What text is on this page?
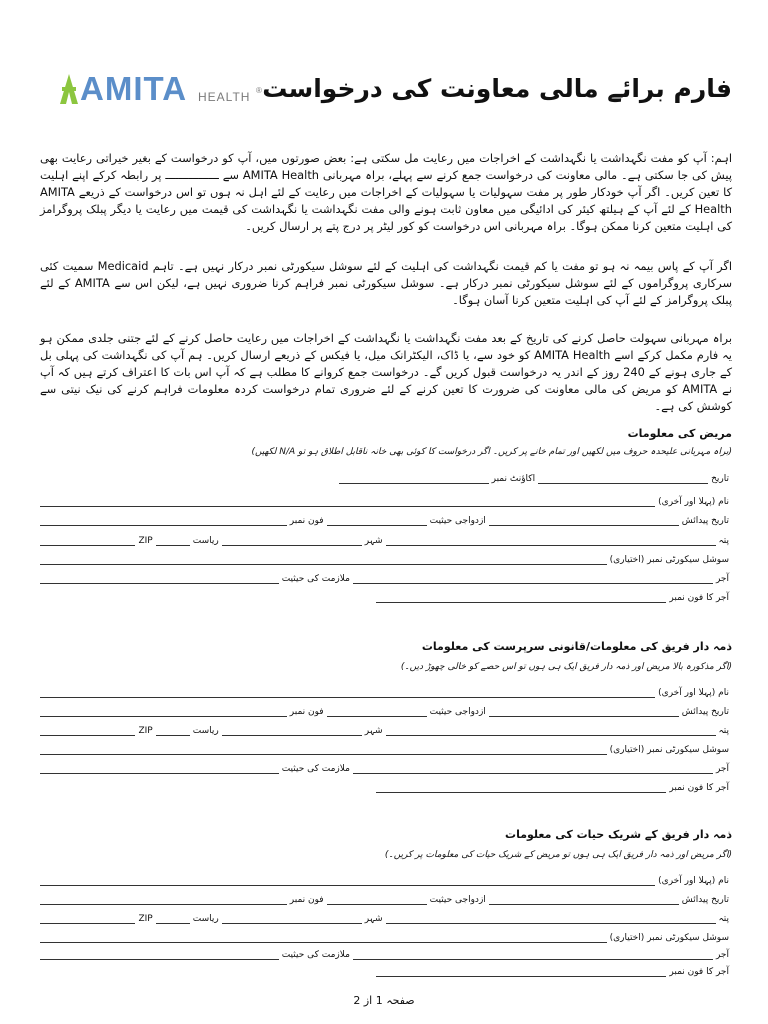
AMITA HEALTH ® فارم برائے مالی معاونت کی درخواست
اہم: آپ کو مفت نگہداشت یا نگہداشت کے اخراجات میں رعایت مل سکتی ہے: بعض صورتوں میں، آپ کو درخواست کے بغیر خیراتی رعایت بھی پیش کی جا سکتی ہے۔ مالی معاونت کی درخواست جمع کرنے سے پہلے، براہ مہربانی AMITA Health سے ــــــــــــــــ پر رابطہ کرکے اپنے اہلیت کا تعین کریں۔ اگر آپ خودکار طور پر مفت سہولیات یا سہولیات کے اخراجات میں رعایت کے لئے اہل نہ ہوں تو اس درخواست کے ذریعے AMITA Health کے لئے آپ کے ہیلتھ کیئر کی ادائیگی میں معاون ثابت ہونے والی مفت نگہداشت یا نگہداشت کی قیمت میں رعایت یا دیگر پبلک پروگرامز کی اہلیت متعین کرنا ممکن ہوگا۔ براہ مہربانی اس درخواست کو کور لیٹر پر درج پتے پر ارسال کریں۔
اگر آپ کے پاس بیمہ نہ ہو تو مفت یا کم قیمت نگہداشت کی اہلیت کے لئے سوشل سیکورٹی نمبر درکار نہیں ہے۔ تاہم Medicaid سمیت کئی سرکاری پروگراموں کے لئے سوشل سیکورٹی نمبر درکار ہے۔ سوشل سیکورٹی نمبر فراہم کرنا ضروری نہیں ہے، لیکن اس سے AMITA کے لئے پبلک پروگرامز کے لئے آپ کی اہلیت متعین کرنا آسان ہوگا۔
براہ مہربانی سہولت حاصل کرنے کی تاریخ کے بعد مفت نگہداشت یا نگہداشت کے اخراجات میں رعایت حاصل کرنے کے لئے جتنی جلدی ممکن ہو یہ فارم مکمل کرکے اسے AMITA Health کو خود سے، یا ڈاک، الیکٹرانک میل، یا فیکس کے ذریعے ارسال کریں۔ ہم آپ کی نگہداشت کی پہلی بل کے جاری ہونے کے 240 روز کے اندر یہ درخواست قبول کریں گے۔ درخواست جمع کروانے کا مطلب ہے کہ آپ اس بات کا اعتراف کرتے ہیں کہ آپ نے AMITA کو مریض کی مالی معاونت کی ضرورت کا تعین کرنے کے لئے ضروری تمام درخواست کردہ معلومات فراہم کرنے کی نیک نیتی سے کوشش کی ہے۔
مریض کی معلومات
(براہ مہربانی علیحدہ حروف میں لکھیں اور تمام خانے پر کریں۔ اگر درخواست کا کوئی بھی خانہ ناقابل اطلاق ہو تو N/A لکھیں)
تاریخ
اکاؤنٹ نمبر
نام (پہلا اور آخری)
تاریخ پیدائش
ازدواجی حیثیت
فون نمبر
پتہ
شہر
ریاست
ZIP
سوشل سیکورٹی نمبر (اختیاری)
آجر
ملازمت کی حیثیت
آجر کا فون نمبر
ذمہ دار فریق کی معلومات/قانونی سرپرست کی معلومات
(اگر مذکورہ بالا مریض اور ذمہ دار فریق ایک ہی ہوں تو اس حصے کو خالی چھوڑ دیں۔)
نام (پہلا اور آخری)
تاریخ پیدائش
ازدواجی حیثیت
فون نمبر
پتہ
شہر
ریاست
ZIP
سوشل سیکورٹی نمبر (اختیاری)
آجر
ملازمت کی حیثیت
آجر کا فون نمبر
ذمہ دار فریق کے شریک حیات کی معلومات
(اگر مریض اور ذمہ دار فریق ایک ہی ہوں تو مریض کے شریک حیات کی معلومات پر کریں۔)
نام (پہلا اور آخری)
تاریخ پیدائش
ازدواجی حیثیت
فون نمبر
پتہ
شہر
ریاست
ZIP
سوشل سیکورٹی نمبر (اختیاری)
آجر
ملازمت کی حیثیت
آجر کا فون نمبر
صفحہ 1 از 2
